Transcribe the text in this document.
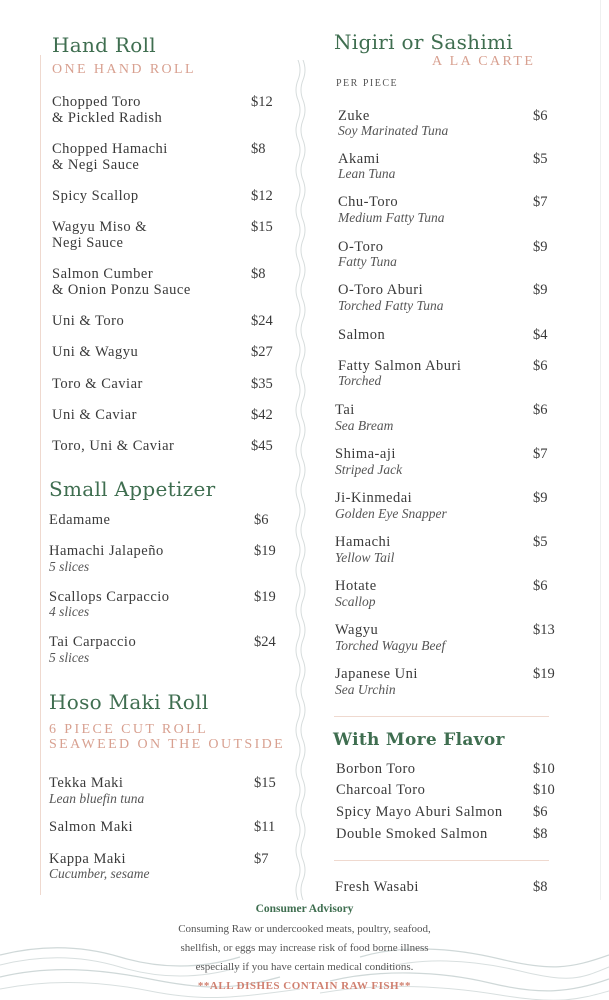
Hand Roll
ONE HAND ROLL
Chopped Toro
& Pickled Radish
$12
Chopped Hamachi
& Negi Sauce
$8
Spicy Scallop	$12
Wagyu Miso &
Negi Sauce
$15
Salmon Cumber
& Onion Ponzu Sauce
$8
Uni & Toro	$24
Uni & Wagyu	$27
Toro & Caviar	$35
Uni & Caviar	$42
Toro, Uni & Caviar	$45
Small Appetizer
Edamame	$6
Hamachi Jalapeño
5 slices
$19
Scallops Carpaccio
4 slices
$19
Tai Carpaccio
5 slices
$24
Hoso Maki Roll
6 PIECE CUT ROLL
SEAWEED ON THE OUTSIDE
Tekka Maki
Lean bluefin tuna
$15
Salmon Maki	$11
Kappa Maki
Cucumber, sesame
$7
Nigiri or Sashimi
A LA CARTE
PER PIECE
Zuke
Soy Marinated Tuna
$6
Akami
Lean Tuna
$5
Chu-Toro
Medium Fatty Tuna
$7
O-Toro
Fatty Tuna
$9
O-Toro Aburi
Torched Fatty Tuna
$9
Salmon	$4
Fatty Salmon Aburi
Torched
$6
Tai
Sea Bream
$6
Shima-aji
Striped Jack
$7
Ji-Kinmedai
Golden Eye Snapper
$9
Hamachi
Yellow Tail
$5
Hotate
Scallop
$6
Wagyu
Torched Wagyu Beef
$13
Japanese Uni
Sea Urchin
$19
With More Flavor
Borbon Toro	$10
Charcoal Toro	$10
Spicy Mayo Aburi Salmon $6
Double Smoked Salmon	$8
Fresh Wasabi	$8
Consumer Advisory
Consuming Raw or undercooked meats, poultry, seafood,
shellfish, or eggs may increase risk of food borne illness
especially if you have certain medical conditions.
**ALL DISHES CONTAIN RAW FISH**
